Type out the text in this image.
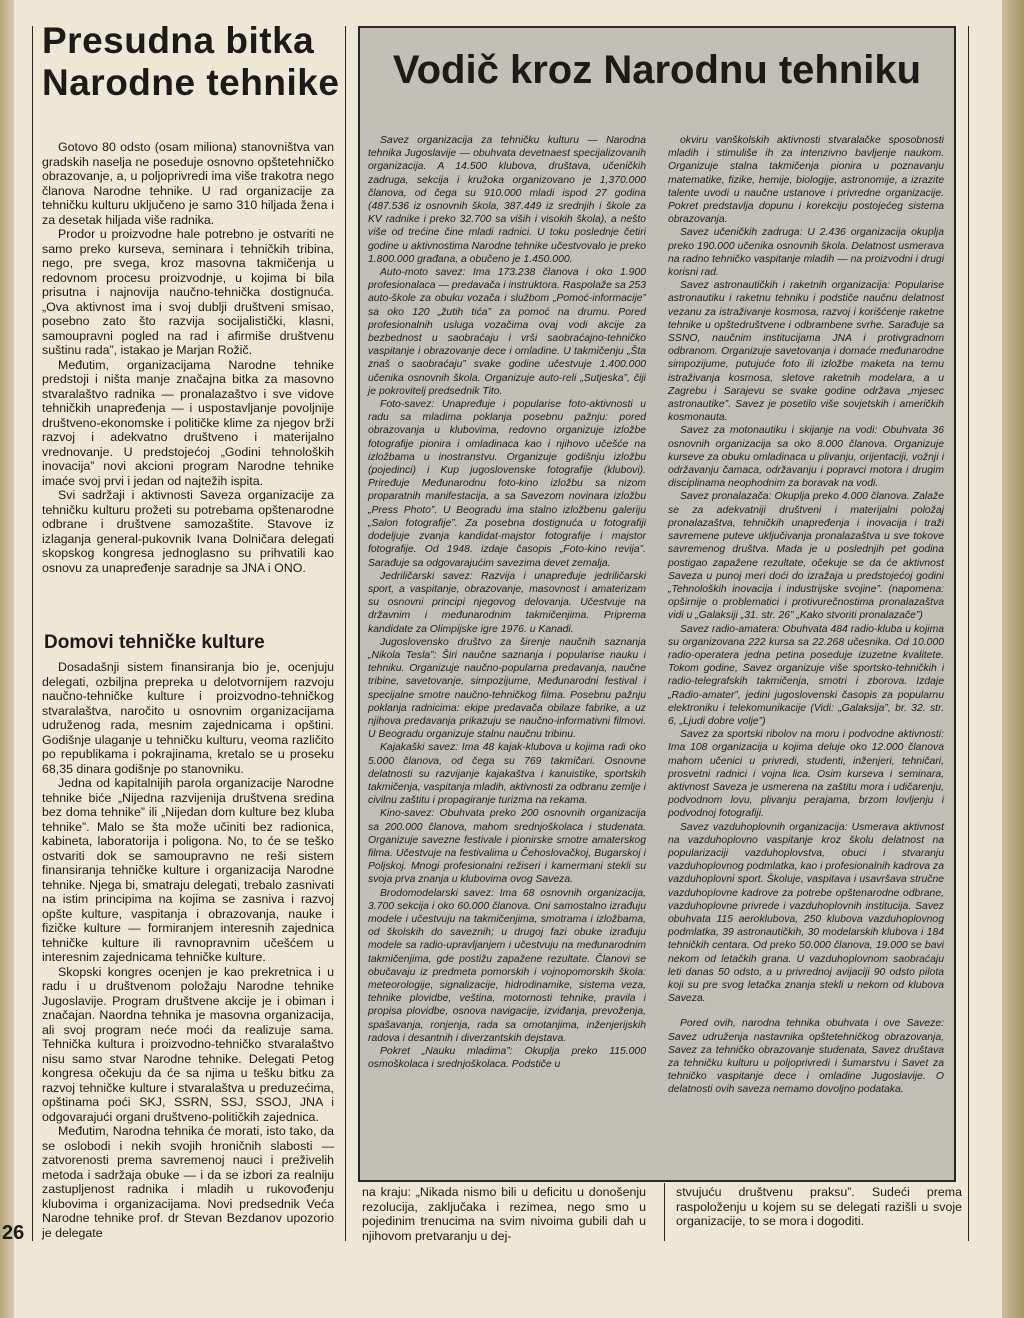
26
Presudna bitka Narodne tehnike

Gotovo 80 odsto (osam miliona) stanovništva van gradskih naselja ne poseduje osnovno opštetehničko obrazovanje, a, u poljoprivredi ima više trakotra nego članova Narodne tehnike. U rad organizacije za tehničku kulturu uključeno je samo 310 hiljada žena i za desetak hiljada više radnika.

Prodor u proizvodne hale potrebno je ostvariti ne samo preko kurseva, seminara i tehničkih tribina, nego, pre svega, kroz masovna takmičenja u redovnom procesu proizvodnje, u kojima bi bila prisutna i najnovija naučno-tehnička dostignuća. „Ova aktivnost ima i svoj dublji društveni smisao, posebno zato što razvija socijalistički, klasni, samoupravni pogled na rad i afirmiše društvenu suštinu rada”, istakao je Marjan Rožič.

Međutim, organizacijama Narodne tehnike predstoji i ništa manje značajna bitka za masovno stvaralaštvo radnika — pronalazaštvo i sve vidove tehničkih unapređenja — i uspostavljanje povoljnije društveno-ekonomske i političke klime za njegov brži razvoj i adekvatno društveno i materijalno vrednovanje. U predstojećoj „Godini tehnoloških inovacija” novi akcioni program Narodne tehnike imaće svoj prvi i jedan od najtežih ispita.

Svi sadržaji i aktivnosti Saveza organizacije za tehničku kulturu prožeti su potrebama opštenarodne odbrane i društvene samozaštite. Stavove iz izlaganja general-pukovnik Ivana Dolničara delegati skopskog kongresa jednoglasno su prihvatili kao osnovu za unapređenje saradnje sa JNA i ONO.

Domovi tehničke kulture

Dosadašnji sistem finansiranja bio je, ocenjuju delegati, ozbiljna prepreka u delotvornijem razvoju naučno-tehničke kulture i proizvodno-tehničkog stvaralaštva, naročito u osnovnim organizacijama udruženog rada, mesnim zajednicama i opštini. Godišnje ulaganje u tehničku kulturu, veoma različito po republikama i pokrajinama, kretalo se u proseku 68,35 dinara godišnje po stanovniku.

Jedna od kapitalnijih parola organizacije Narodne tehnike biće „Nijedna razvijenija društvena sredina bez doma tehnike” ili „Nijedan dom kulture bez kluba tehnike”. Malo se šta može učiniti bez radionica, kabineta, laboratorija i poligona. No, to će se teško ostvariti dok se samoupravno ne reši sistem finansiranja tehničke kulture i organizacija Narodne tehnike. Njega bi, smatraju delegati, trebalo zasnivati na istim principima na kojima se zasniva i razvoj opšte kulture, vaspitanja i obrazovanja, nauke i fizičke kulture — formiranjem interesnih zajednica tehničke kulture ili ravnopravnim učešćem u interesnim zajednicama tehničke kulture.

Skopski kongres ocenjen je kao prekretnica i u radu i u društvenom položaju Narodne tehnike Jugoslavije. Program društvene akcije je i obiman i značajan. Naordna tehnika je masovna organizacija, ali svoj program neće moći da realizuje sama. Tehnička kultura i proizvodno-tehničko stvaralaštvo nisu samo stvar Narodne tehnike. Delegati Petog kongresa očekuju da će sa njima u tešku bitku za razvoj tehničke kulture i stvaralaštva u preduzećima, opštinama poći SKJ, SSRN, SSJ, SSOJ, JNA i odgovarajući organi društveno-političkih zajednica.

Međutim, Narodna tehnika će morati, isto tako, da se oslobodi i nekih svojih hroničnih slabosti — zatvorenosti prema savremenoj nauci i preživelih metoda i sadržaja obuke — i da se izbori za realniju zastupljenost radnika i mladih u rukovođenju klubovima i organizacijama. Novi predsednik Veća Narodne tehnike prof. dr Stevan Bezdanov upozorio je delegate

Vodič kroz Narodnu tehniku

Savez organizacija za tehničku kulturu — Narodna tehnika Jugoslavije — obuhvata devetnaest specijalizovanih organizacija. A 14.500 klubova, društava, učeničkih zadruga, sekcija i kružoka organizovano je 1,370.000 članova, od čega su 910.000 mladi ispod 27 godina (487.536 iz osnovnih škola, 387.449 iz srednjih i škole za KV radnike i preko 32.700 sa viših i visokih škola), a nešto više od trećine čine mladi radnici. U toku poslednje četiri godine u aktivnostima Narodne tehnike učestvovalo je preko 1.800.000 građana, a obučeno je 1.450.000.

Auto-moto savez: Ima 173.238 članova i oko 1.900 profesionalaca — predavača i instruktora. Raspolaže sa 253 auto-škole za obuku vozača i službom „Pomoć-informacije” sa oko 120 „žutih tića” za pomoć na drumu. Pored profesionalnih usluga vozačima ovaj vodi akcije za bezbednost u saobraćaju i vrši saobraćajno-tehničko vaspitanje i obrazovanje dece i omladine. U takmičenju „Šta znaš o saobraćaju” svake godine učestvuje 1.400.000 učenika osnovnih škola. Organizuje auto-reli „Sutjeska”, čiji je pokrovitelj predsednik Tito.

Foto-savez: Unapređuje i popularise foto-aktivnosti u radu sa mladima poklanja posebnu pažnju: pored obrazovanja u klubovima, redovno organizuje izložbe fotografije pionira i omladinaca kao i njihovo učešće na izložbama u inostranstvu. Organizuje godišnju izložbu (pojedinci) i Kup jugoslovenske fotografije (klubovi). Priređuje Međunarodnu foto-kino izložbu sa nizom proparatnih manifestacija, a sa Savezom novinara izložbu „Press Photo”. U Beogradu ima stalno izložbenu galeriju „Salon fotografije”. Za posebna dostignuća u fotografiji dodeljuje zvanja kandidat-majstor fotografije i majstor fotografije. Od 1948. izdaje časopis „Foto-kino revija”. Sarađuje sa odgovarajućim savezima devet zemalja.

Jedriličarski savez: Razvija i unapređuje jedriličarski sport, a vaspitanje, obrazovanje, masovnost i amaterizam su osnovni principi njegovog delovanja. Učestvuje na državnim i međunarodnim takmičenjima. Pripremа kandidate za Olimpijske igre 1976. u Kanadi.

Jugoslovensko društvo za širenje naučnih saznanja „Nikola Tesla”: Širi naučne saznanja i popularise nauku i tehniku. Organizuje naučno-popularna predavanja, naučne tribine, savetovanje, simpozijume, Međunarodni festival i specijalne smotre naučno-tehničkog filma. Posebnu pažnju poklanja radnicima: ekipe predavača obilaze fabrike, a uz njihova predavanja prikazuju se naučno-informativni filmovi. U Beogradu organizuje stalnu naučnu tribinu.

Kajakaški savez: Ima 48 kajak-klubova u kojima radi oko 5.000 članova, od čega su 769 takmičari. Osnovne delatnosti su razvijanje kajakaštva i kanuistike, sportskih takmičenja, vaspitanja mladih, aktivnosti za odbranu zemlje i civilnu zaštitu i propagiranje turizma na rekama.

Kino-savez: Obuhvata preko 200 osnovnih organizacija sa 200.000 članova, mahom srednjoškolaca i studenata. Organizuje savezne festivale i pionirske smotre amaterskog filma. Učestvuje na festivalima u Čehoslovačkoj, Bugarskoj i Poljskoj. Mnogi profesionalni režiseri i kamermani stekli su svoja prva znanja u klubovima ovog Saveza.

Brodomodelarski savez: Ima 68 osnovnih organizacija, 3.700 sekcija i oko 60.000 članova. Oni samostalno izrađuju modele i učestvuju na takmičenjima, smotrama i izložbama, od školskih do saveznih; u drugoj fazi obuke izrađuju modele sa radio-upravljanjem i učestvuju na međunarodnim takmičenjima, gde postižu zapažene rezultate. Članovi se obučavaju iz predmeta pomorskih i vojnopomorskih škola: meteorologije, signalizacije, hidrodinamike, sistema veza, tehnike plovidbe, veština, motornosti tehnike, pravila i propisa plovidbe, osnova navigacije, izviđanja, prevoženja, spašavanja, ronjenja, rada sa omotanjima, inženjerijskih radova i desantnih i diverzantskih dejstava.

Pokret „Nauku mladima”: Okuplja preko 115.000 osmoškolaca i srednjoškolaca. Podstiče u

okviru vanškolskih aktivnosti stvaralačke sposobnosti mladih i stimuliše ih za intenzivno bavljenje naukom. Organizuje stalna takmičenja pionira u poznavanju matematike, fizike, hemije, biologije, astronomije, a izrazite talente uvodi u naučne ustanove i privredne organizacije. Pokret predstavlja dopunu i korekciju postojećeg sistema obrazovanja.

Savez učeničkih zadruga: U 2.436 organizacija okupljа preko 190.000 učenika osnovnih škola. Delatnost usmerava na radno tehničko vaspitanje mladih — na proizvodni i drugi korisni rad.

Savez astronautičkih i raketnih organizacija: Popularise astronautiku i raketnu tehniku i podstiče naučnu delatnost vezanu za istraživanje kosmosa, razvoj i korišćenje raketne tehnike u opštedruštvene i odbrambene svrhe. Sarađuje sa SSNO, naučnim institucijama JNA i protivgradnom odbranom. Organizuje savetovanja i domaće međunarodne simpozijume, putujuće foto ili izložbe maketa na temu istraživanja kosmosa, sletove raketnih modelara, a u Zagrebu i Sarajevu se svake godine održava „mjesec astronautike”. Savez je posetilo više sovjetskih i američkih kosmonauta.

Savez za motonautiku i skijanje na vodi: Obuhvata 36 osnovnih organizacija sa oko 8.000 članova. Organizuje kurseve za obuku omladinaca u plivanju, orijentaciji, vožnji i održavanju čamaca, održavanju i popravci motora i drugim disciplinama neophodnim za boravak na vodi.

Savez pronalazača: Okuplja preko 4.000 članova. Zalaže se za adekvatniji društveni i materijalni položaj pronalazaštva, tehničkih unapređenja i inovacija i traži savremene putеve uključivanja pronalazaštva u sve tokove savremenog društva. Mada je u poslednjih pet godina postigao zapažene rezultate, očekuje se da će aktivnost Saveza u punoj meri doći do izražaja u predstojećoj godini „Tehnoloških inovacija i industrijske svojine”. (napomena: opširnije o problematici i protivurečnostima pronalazaštva vidi u „Galaksiji „31. str. 26” „Kako stvoriti pronalazače”)

Savez radio-amatera: Obuhvata 484 radio-kluba u kojima su organizovana 222 kursa sa 22.268 učesnika. Od 10.000 radio-operatera jedna petina poseduje izuzetne kvalitete. Tokom godine, Savez organizuje više sportsko-tehničkih i radio-telegrafskih takmičenja, smotri i zborova. Izdaje „Radio-amater”, jedini jugoslovenski časopis za popularnu elektroniku i telekomunikacije (Vidi: „Galaksija”, br. 32. str. 6, „Ljudi dobre volje”)

Savez za sportski ribolov na moru i podvodne aktivnosti: Ima 108 organizacija u kojima deluje oko 12.000 članova mahom učenici u privredi, studenti, inženjeri, tehničari, prosvetni radnici i vojna lica. Osim kurseva i seminara, aktivnost Saveza je usmerena na zaštitu mora i udičarenju, podvodnom lovu, plivanju perajama, brzom lovljenju i podvodnoj fotografiji.

Savez vazduhoplovnih organizacija: Usmerava aktivnost na vazduhoplovno vaspitanje kroz školu delatnost na popularizaciji vazduhoplovstva, obuci i stvaranju vazduhoplovnog podmlatka, kao i profesionalnih kadrova za vazduhoplovni sport. Školuje, vaspitava i usavršava stručne vazduhoplovne kadrove za potrebe opštenarodne odbrane, vazduhoplovne privrede i vazduhoplovnih institucija. Savez obuhvata 115 aeroklubova, 250 klubova vazduhoplovnog podmlatka, 39 astronautičkih, 30 modelarskih klubova i 184 tehničkih centara. Od preko 50.000 članova, 19.000 se bavi nekom od letačkih grana. U vazduhoplovnom saobraćaju leti danas 50 odsto, a u privrednoj avijaciji 90 odsto pilota koji su pre svog letačka znanja stekli u nekom od klubova Saveza.

Pored ovih, narodna tehnika obuhvata i ove Saveze: Savez udruženja nastavnika opštetehničkog obrazovanja, Savez za tehničko obrazovanje studenata, Savez društava za tehničku kulturu u poljoprivredi i šumarstvu i Savet za tehničko vaspitanje dece i omladine Jugoslavije. O delatnosti ovih saveza nemamo dovoljno podataka.

na kraju: „Nikada nismo bili u deficitu u donošenju rezolucija, zaključaka i rezimea, nego smo u pojedinim trenucima na svim nivoima gubili dah u njihovom pretvaranju u dej-
stvujuću društvenu praksu”. Sudeći prema raspoloženju u kojem su se delegati razišli u svoje organizacije, to se mora i dogoditi.
